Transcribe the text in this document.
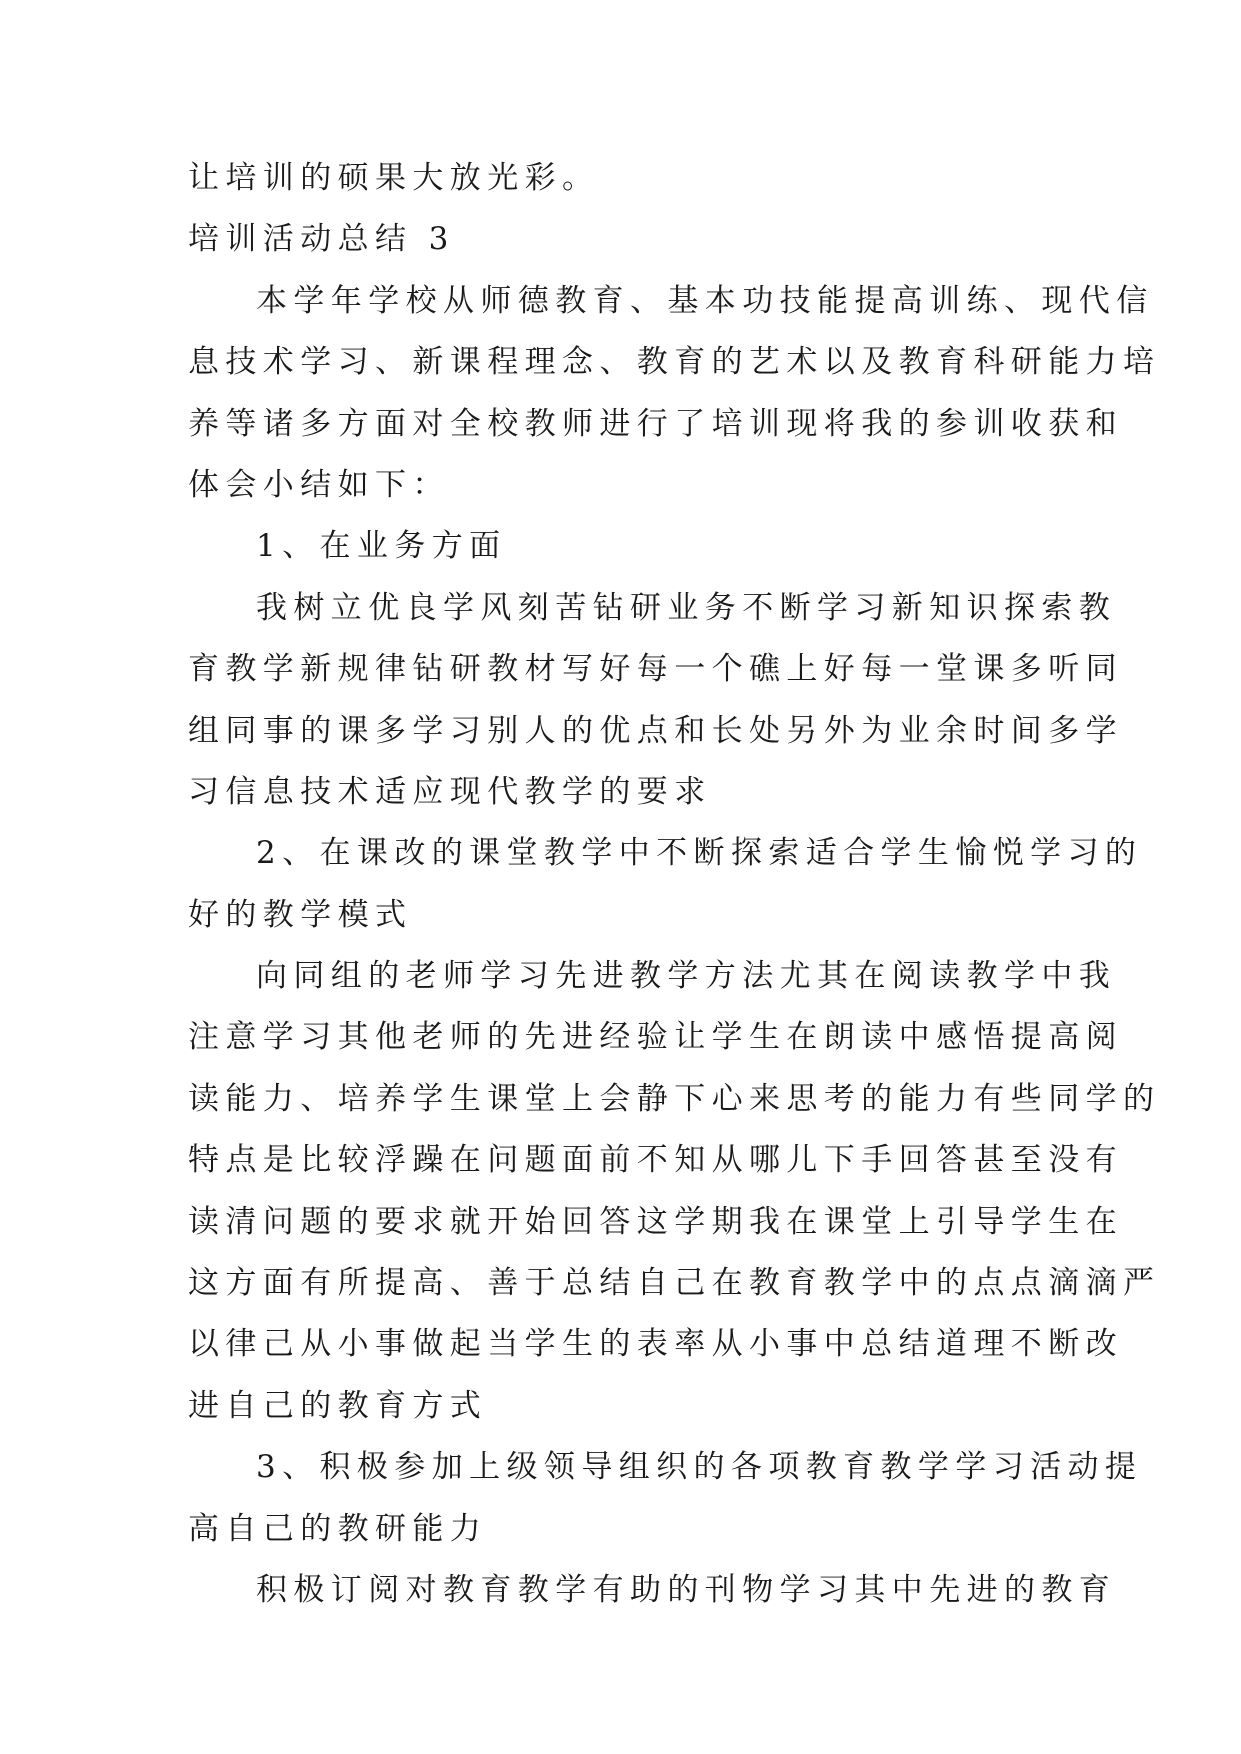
让培训的硕果大放光彩。
培训活动总结 3
本学年学校从师德教育、基本功技能提高训练、现代信
息技术学习、新课程理念、教育的艺术以及教育科研能力培
养等诸多方面对全校教师进行了培训现将我的参训收获和
体会小结如下：
1、在业务方面
我树立优良学风刻苦钻研业务不断学习新知识探索教
育教学新规律钻研教材写好每一个礁上好每一堂课多听同
组同事的课多学习别人的优点和长处另外为业余时间多学
习信息技术适应现代教学的要求
2、在课改的课堂教学中不断探索适合学生愉悦学习的
好的教学模式
向同组的老师学习先进教学方法尤其在阅读教学中我
注意学习其他老师的先进经验让学生在朗读中感悟提高阅
读能力、培养学生课堂上会静下心来思考的能力有些同学的
特点是比较浮躁在问题面前不知从哪儿下手回答甚至没有
读清问题的要求就开始回答这学期我在课堂上引导学生在
这方面有所提高、善于总结自己在教育教学中的点点滴滴严
以律己从小事做起当学生的表率从小事中总结道理不断改
进自己的教育方式
3、积极参加上级领导组织的各项教育教学学习活动提
高自己的教研能力
积极订阅对教育教学有助的刊物学习其中先进的教育
